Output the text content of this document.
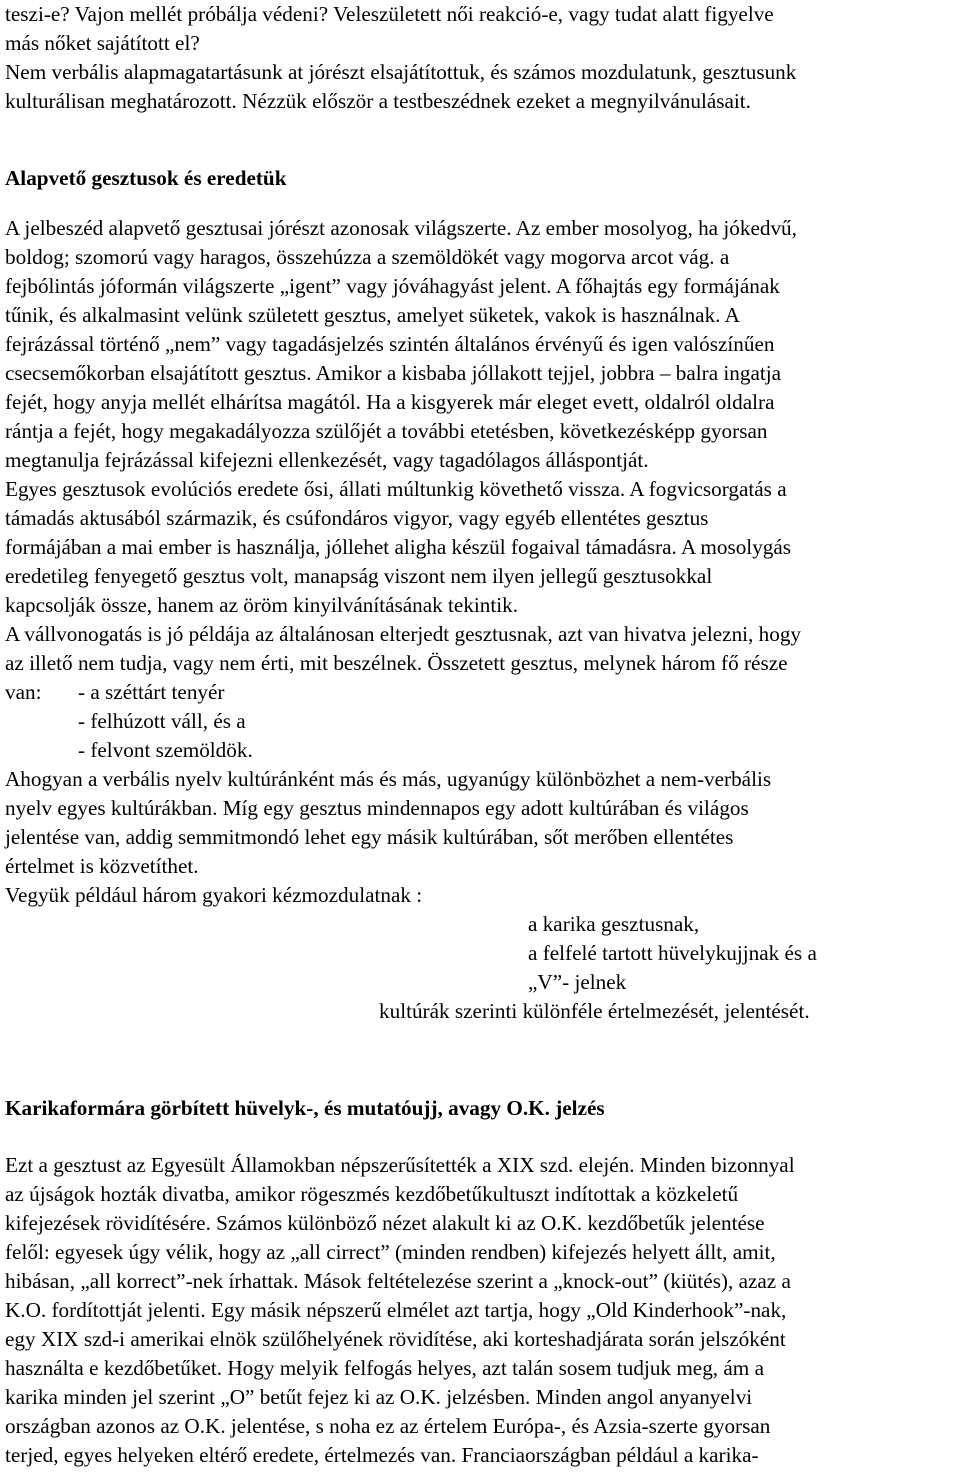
teszi-e? Vajon mellét próbálja védeni? Veleszületett női reakció-e, vagy tudat alatt figyelve
más nőket sajátított el?
Nem verbális alapmagatartásunk at jórészt elsajátítottuk, és számos mozdulatunk, gesztusunk
kulturálisan meghatározott. Nézzük először a testbeszédnek ezeket a megnyilvánulásait.
Alapvető gesztusok és eredetük
A jelbeszéd alapvető gesztusai jórészt azonosak világszerte. Az ember mosolyog, ha jókedvű,
boldog; szomorú vagy haragos, összehúzza a szemöldökét vagy mogorva arcot vág. a
fejbólintás jóformán világszerte „igent” vagy jóváhagyást jelent. A főhajtás egy formájának
tűnik, és alkalmasint velünk született gesztus, amelyet süketek, vakok is használnak. A
fejrázással történő „nem” vagy tagadásjelzés szintén általános érvényű és igen valószínűen
csecsemőkorban elsajátított gesztus. Amikor a kisbaba jóllakott tejjel, jobbra – balra ingatja
fejét, hogy anyja mellét elhárítsa magától. Ha a kisgyerek már eleget evett, oldalról oldalra
rántja a fejét, hogy megakadályozza szülőjét a további etetésben, következésképp gyorsan
megtanulja fejrázással kifejezni ellenkezését, vagy tagadólagos álláspontját.
Egyes gesztusok evolúciós eredete ősi, állati múltunkig követhető vissza. A fogvicsorgatás a
támadás aktusából származik, és csúfondáros vigyor, vagy egyéb ellentétes gesztus
formájában a mai ember is használja, jóllehet aligha készül fogaival támadásra. A mosolygás
eredetileg fenyegető gesztus volt, manapság viszont nem ilyen jellegű gesztusokkal
kapcsolják össze, hanem az öröm kinyilvánításának tekintik.
A vállvonogatás is jó példája az általánosan elterjedt gesztusnak, azt van hivatva jelezni, hogy
az illető nem tudja, vagy nem érti, mit beszélnek. Összetett gesztus, melynek három fő része
van: - a széttárt tenyér
- felhúzott váll, és a
- felvont szemöldök.
Ahogyan a verbális nyelv kultúránként más és más, ugyanúgy különbözhet a nem-verbális
nyelv egyes kultúrákban. Míg egy gesztus mindennapos egy adott kultúrában és világos
jelentése van, addig semmitmondó lehet egy másik kultúrában, sőt merőben ellentétes
értelmet is közvetíthet.
Vegyük például három gyakori kézmozdulatnak :
a karika gesztusnak,
a felfelé tartott hüvelykujjnak és a
„V”- jelnek
kultúrák szerinti különféle értelmezését, jelentését.
Karikaformára görbített hüvelyk-, és mutatóujj, avagy O.K. jelzés
Ezt a gesztust az Egyesült Államokban népszerűsítették a XIX szd. elején. Minden bizonnyal
az újságok hozták divatba, amikor rögeszmés kezdőbetűkultuszt indítottak a közkeletű
kifejezések rövidítésére. Számos különböző nézet alakult ki az O.K. kezdőbetűk jelentése
felől: egyesek úgy vélik, hogy az „all cirrect” (minden rendben) kifejezés helyett állt, amit,
hibásan, „all korrect”-nek írhattak. Mások feltételezése szerint a „knock-out” (kiütés), azaz a
K.O. fordítottját jelenti. Egy másik népszerű elmélet azt tartja, hogy „Old Kinderhook”-nak,
egy XIX szd-i amerikai elnök szülőhelyének rövidítése, aki korteshadjárata során jelszóként
használta e kezdőbetűket. Hogy melyik felfogás helyes, azt talán sosem tudjuk meg, ám a
karika minden jel szerint „O” betűt fejez ki az O.K. jelzésben. Minden angol anyanyelvi
országban azonos az O.K. jelentése, s noha ez az értelem Európa-, és Azsia-szerte gyorsan
terjed, egyes helyeken eltérő eredete, értelmezés van. Franciaországban például a karika-
